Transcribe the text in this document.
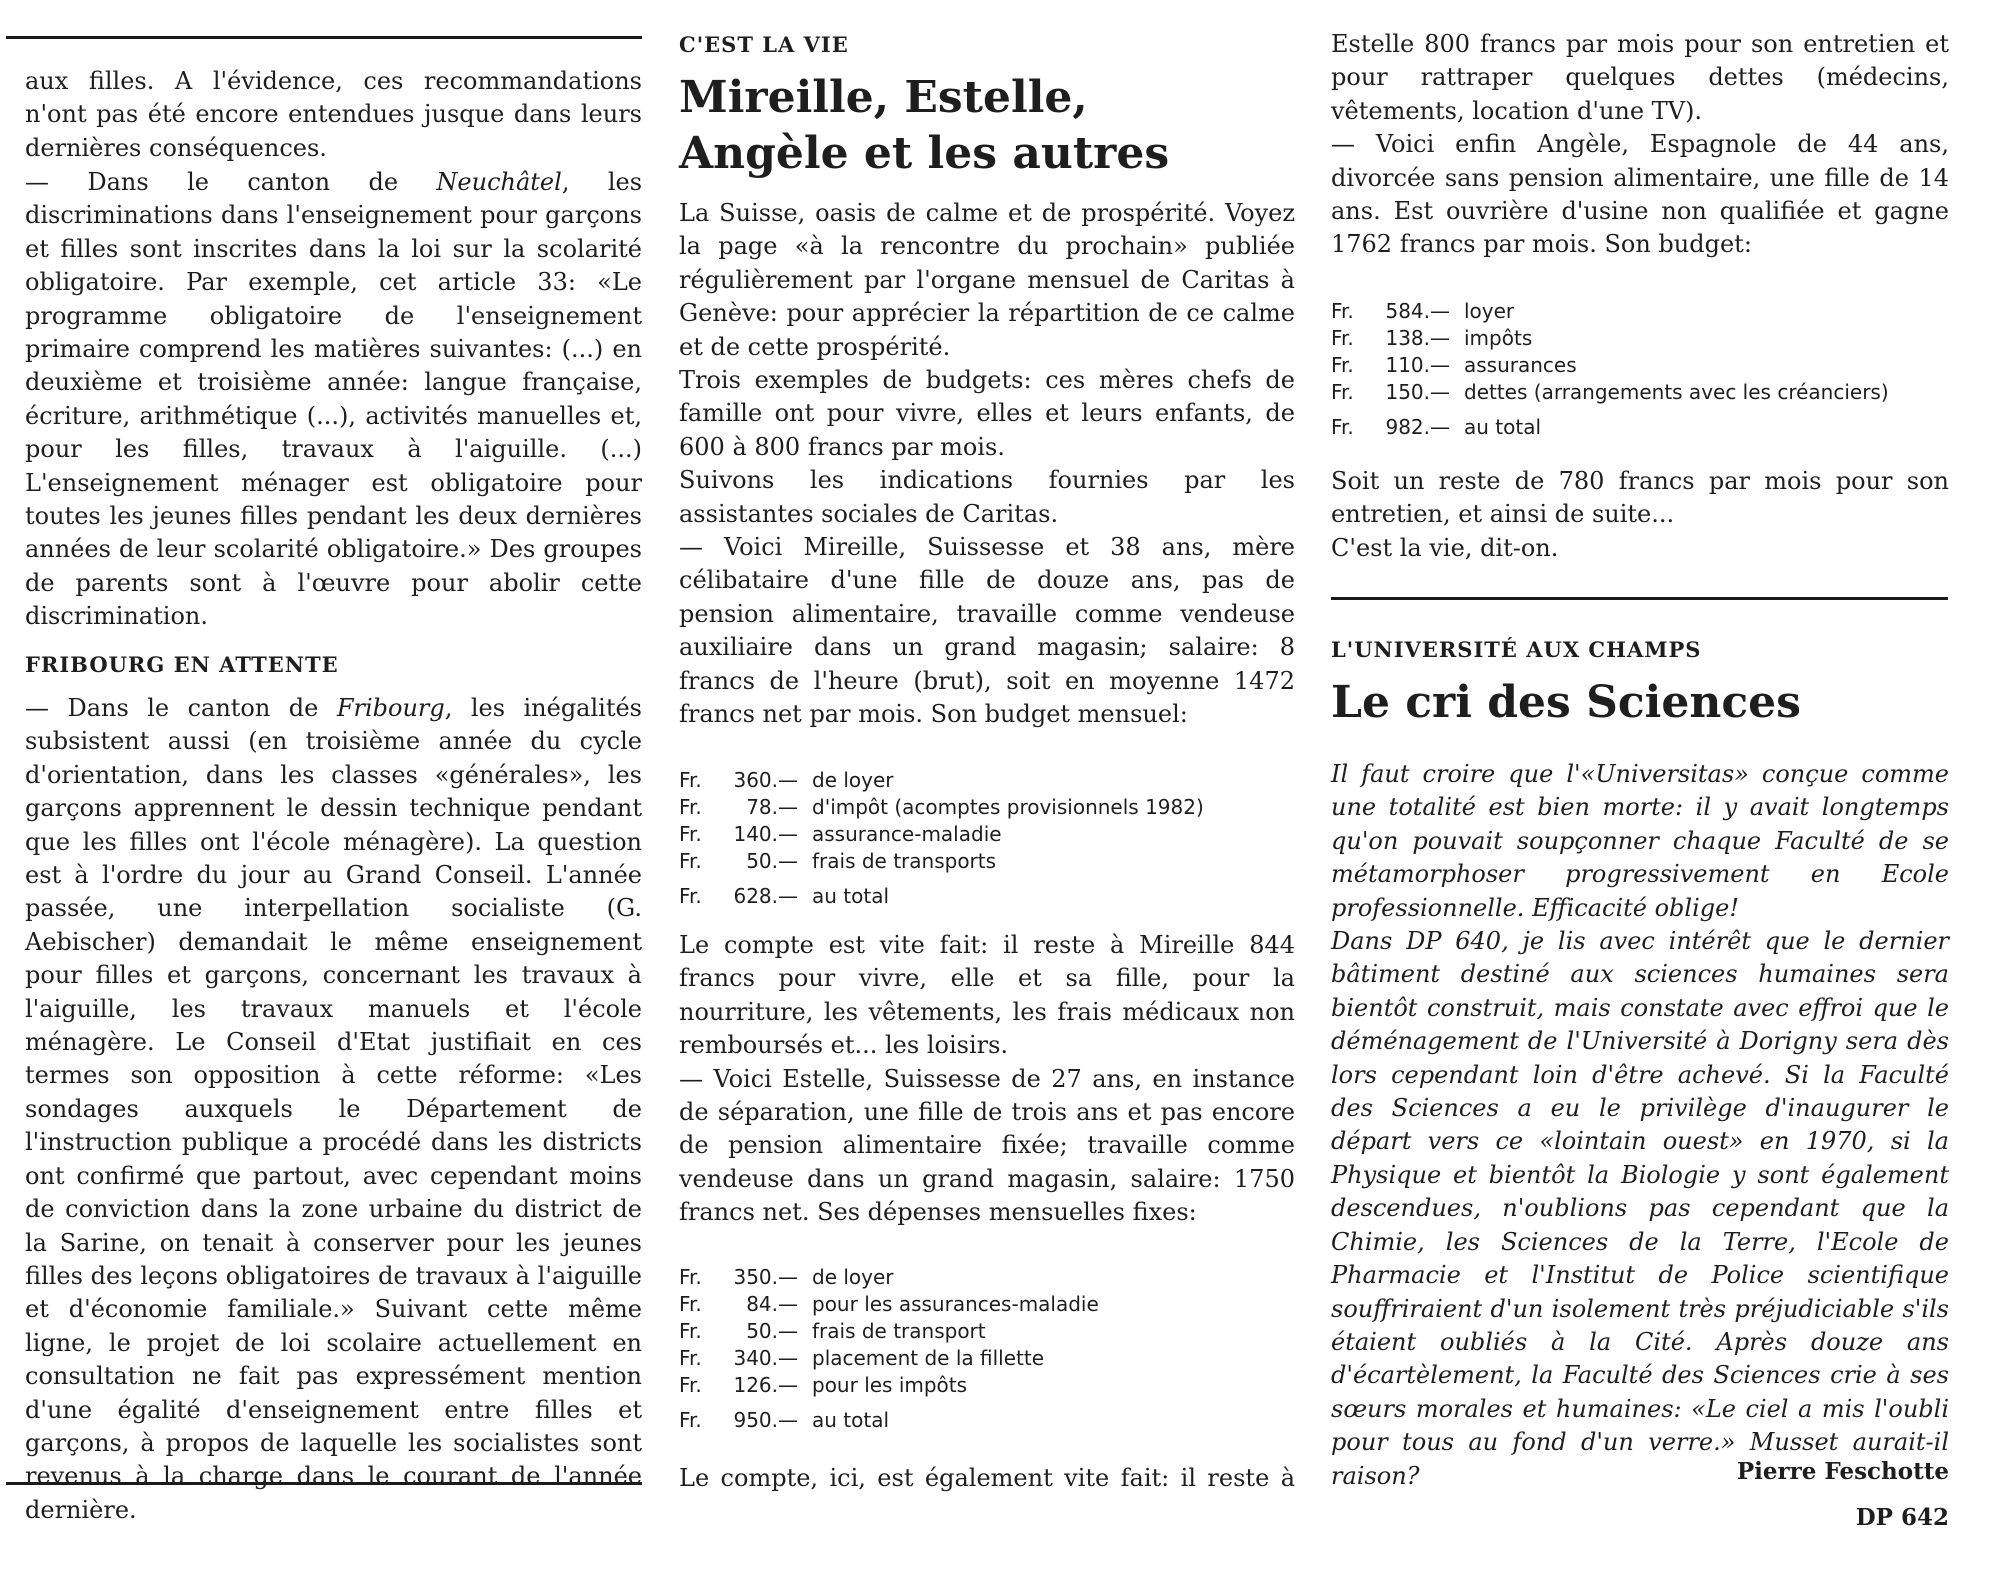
aux filles. A l'évidence, ces recommandations n'ont pas été encore entendues jusque dans leurs dernières conséquences.

— Dans le canton de Neuchâtel, les discriminations dans l'enseignement pour garçons et filles sont inscrites dans la loi sur la scolarité obligatoire. Par exemple, cet article 33: «Le programme obligatoire de l'enseignement primaire comprend les matières suivantes: (...) en deuxième et troisième année: langue française, écriture, arithmétique (...), activités manuelles et, pour les filles, travaux à l'aiguille. (...) L'enseignement ménager est obligatoire pour toutes les jeunes filles pendant les deux dernières années de leur scolarité obligatoire.» Des groupes de parents sont à l'œuvre pour abolir cette discrimination.

FRIBOURG EN ATTENTE

— Dans le canton de Fribourg, les inégalités subsistent aussi (en troisième année du cycle d'orientation, dans les classes «générales», les garçons apprennent le dessin technique pendant que les filles ont l'école ménagère). La question est à l'ordre du jour au Grand Conseil. L'année passée, une interpellation socialiste (G. Aebischer) demandait le même enseignement pour filles et garçons, concernant les travaux à l'aiguille, les travaux manuels et l'école ménagère. Le Conseil d'Etat justifiait en ces termes son opposition à cette réforme: «Les sondages auxquels le Département de l'instruction publique a procédé dans les districts ont confirmé que partout, avec cependant moins de conviction dans la zone urbaine du district de la Sarine, on tenait à conserver pour les jeunes filles des leçons obligatoires de travaux à l'aiguille et d'économie familiale.» Suivant cette même ligne, le projet de loi scolaire actuellement en consultation ne fait pas expressément mention d'une égalité d'enseignement entre filles et garçons, à propos de laquelle les socialistes sont revenus à la charge dans le courant de l'année dernière.

C'EST LA VIE

Mireille, Estelle,
Angèle et les autres

La Suisse, oasis de calme et de prospérité. Voyez la page «à la rencontre du prochain» publiée régulièrement par l'organe mensuel de Caritas à Genève: pour apprécier la répartition de ce calme et de cette prospérité.

Trois exemples de budgets: ces mères chefs de famille ont pour vivre, elles et leurs enfants, de 600 à 800 francs par mois.

Suivons les indications fournies par les assistantes sociales de Caritas.

— Voici Mireille, Suissesse et 38 ans, mère célibataire d'une fille de douze ans, pas de pension alimentaire, travaille comme vendeuse auxiliaire dans un grand magasin; salaire: 8 francs de l'heure (brut), soit en moyenne 1472 francs net par mois. Son budget mensuel:

Fr.	360.—	de loyer
Fr.	78.—	d'impôt (acomptes provisionnels 1982)
Fr.	140.—	assurance-maladie
Fr.	50.—	frais de transports
Fr.	628.—	au total

Le compte est vite fait: il reste à Mireille 844 francs pour vivre, elle et sa fille, pour la nourriture, les vêtements, les frais médicaux non remboursés et... les loisirs.

— Voici Estelle, Suissesse de 27 ans, en instance de séparation, une fille de trois ans et pas encore de pension alimentaire fixée; travaille comme vendeuse dans un grand magasin, salaire: 1750 francs net. Ses dépenses mensuelles fixes:

Fr.	350.—	de loyer
Fr.	84.—	pour les assurances-maladie
Fr.	50.—	frais de transport
Fr.	340.—	placement de la fillette
Fr.	126.—	pour les impôts
Fr.	950.—	au total

Le compte, ici, est également vite fait: il reste à

Estelle 800 francs par mois pour son entretien et pour rattraper quelques dettes (médecins, vêtements, location d'une TV).

— Voici enfin Angèle, Espagnole de 44 ans, divorcée sans pension alimentaire, une fille de 14 ans. Est ouvrière d'usine non qualifiée et gagne 1762 francs par mois. Son budget:

Fr.	584.—	loyer
Fr.	138.—	impôts
Fr.	110.—	assurances
Fr.	150.—	dettes (arrangements avec les créanciers)
Fr.	982.—	au total

Soit un reste de 780 francs par mois pour son entretien, et ainsi de suite...

C'est la vie, dit-on.

L'UNIVERSITÉ AUX CHAMPS

Le cri des Sciences

Il faut croire que l'«Universitas» conçue comme une totalité est bien morte: il y avait longtemps qu'on pouvait soupçonner chaque Faculté de se métamorphoser progressivement en Ecole professionnelle. Efficacité oblige!

Dans DP 640, je lis avec intérêt que le dernier bâtiment destiné aux sciences humaines sera bientôt construit, mais constate avec effroi que le déménagement de l'Université à Dorigny sera dès lors cependant loin d'être achevé. Si la Faculté des Sciences a eu le privilège d'inaugurer le départ vers ce «lointain ouest» en 1970, si la Physique et bientôt la Biologie y sont également descendues, n'oublions pas cependant que la Chimie, les Sciences de la Terre, l'Ecole de Pharmacie et l'Institut de Police scientifique souffriraient d'un isolement très préjudiciable s'ils étaient oubliés à la Cité. Après douze ans d'écartèlement, la Faculté des Sciences crie à ses sœurs morales et humaines: «Le ciel a mis l'oubli pour tous au fond d'un verre.» Musset aurait-il raison?	Pierre Feschotte

DP 642
